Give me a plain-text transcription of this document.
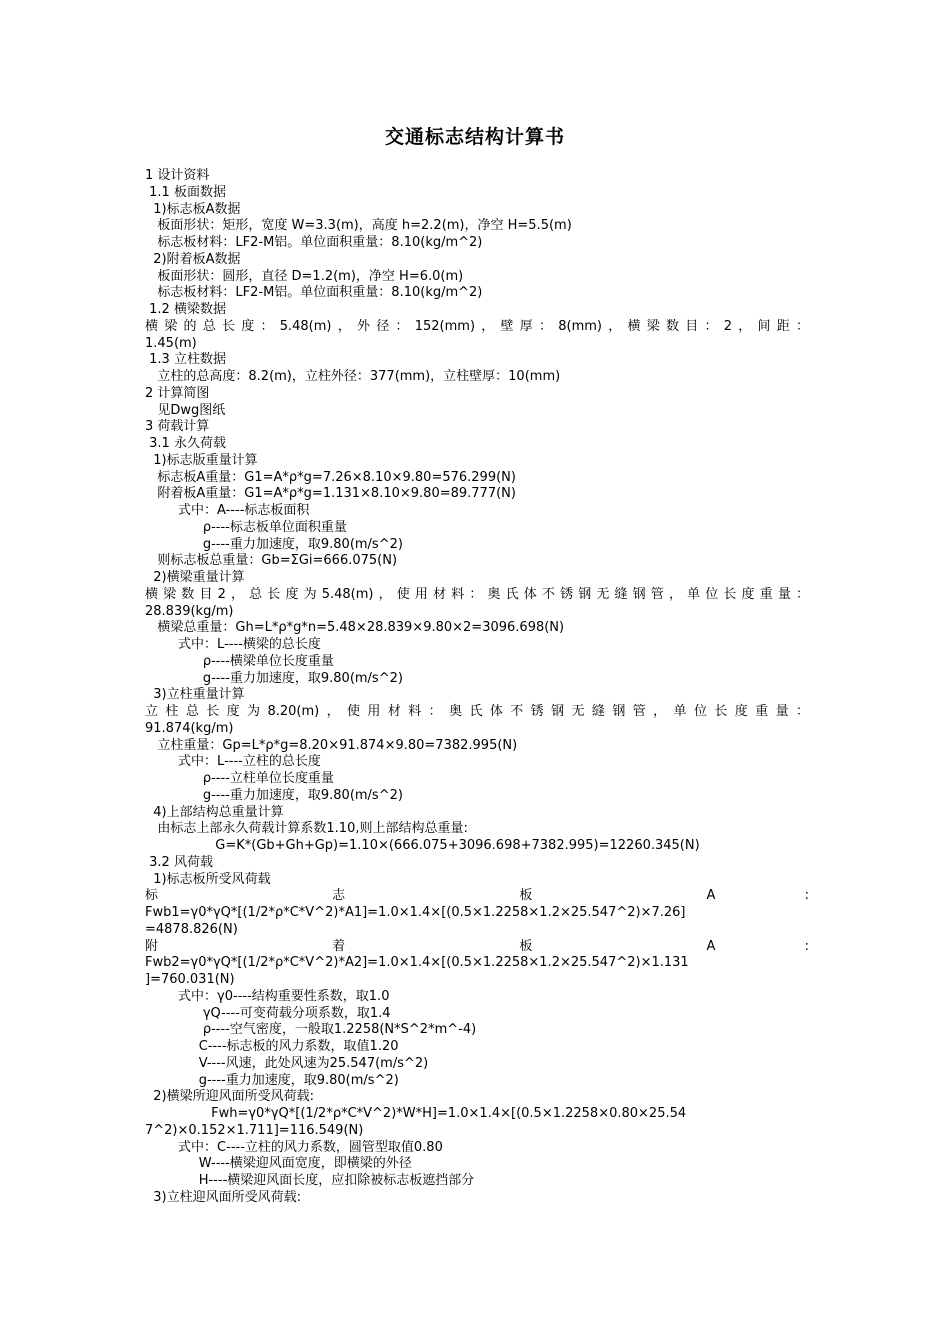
交通标志结构计算书
1 设计资料
1.1 板面数据
1)标志板A数据
板面形状：矩形，宽度 W=3.3(m)，高度 h=2.2(m)，净空 H=5.5(m)
标志板材料：LF2-M铝。单位面积重量：8.10(kg/m^2)
2)附着板A数据
板面形状：圆形，直径 D=1.2(m)，净空 H=6.0(m)
标志板材料：LF2-M铝。单位面积重量：8.10(kg/m^2)
1.2 横梁数据
横梁的总长度：5.48(m)，外径：152(mm)，壁厚：8(mm)，横梁数目：2，间距：
1.45(m)
1.3 立柱数据
立柱的总高度：8.2(m)，立柱外径：377(mm)，立柱壁厚：10(mm)
2 计算简图
见Dwg图纸
3 荷载计算
3.1 永久荷载
1)标志版重量计算
标志板A重量：G1=A*ρ*g=7.26×8.10×9.80=576.299(N)
附着板A重量：G1=A*ρ*g=1.131×8.10×9.80=89.777(N)
式中：A----标志板面积
ρ----标志板单位面积重量
g----重力加速度，取9.80(m/s^2)
则标志板总重量：Gb=ΣGi=666.075(N)
2)横梁重量计算
横梁数目2，总长度为5.48(m)，使用材料：奥氏体不锈钢无缝钢管，单位长度重量：
28.839(kg/m)
横梁总重量：Gh=L*ρ*g*n=5.48×28.839×9.80×2=3096.698(N)
式中：L----横梁的总长度
ρ----横梁单位长度重量
g----重力加速度，取9.80(m/s^2)
3)立柱重量计算
立柱总长度为8.20(m)，使用材料：奥氏体不锈钢无缝钢管，单位长度重量：
91.874(kg/m)
立柱重量：Gp=L*ρ*g=8.20×91.874×9.80=7382.995(N)
式中：L----立柱的总长度
ρ----立柱单位长度重量
g----重力加速度，取9.80(m/s^2)
4)上部结构总重量计算
由标志上部永久荷载计算系数1.10,则上部结构总重量:
G=K*(Gb+Gh+Gp)=1.10×(666.075+3096.698+7382.995)=12260.345(N)
3.2 风荷载
1)标志板所受风荷载
标 志 板 A :
Fwb1=γ0*γQ*[(1/2*ρ*C*V^2)*A1]=1.0×1.4×[(0.5×1.2258×1.2×25.547^2)×7.26]
=4878.826(N)
附 着 板 A :
Fwb2=γ0*γQ*[(1/2*ρ*C*V^2)*A2]=1.0×1.4×[(0.5×1.2258×1.2×25.547^2)×1.131
]=760.031(N)
式中：γ0----结构重要性系数，取1.0
γQ----可变荷载分项系数，取1.4
ρ----空气密度，一般取1.2258(N*S^2*m^-4)
C----标志板的风力系数，取值1.20
V----风速，此处风速为25.547(m/s^2)
g----重力加速度，取9.80(m/s^2)
2)横梁所迎风面所受风荷载:
Fwh=γ0*γQ*[(1/2*ρ*C*V^2)*W*H]=1.0×1.4×[(0.5×1.2258×0.80×25.54
7^2)×0.152×1.711]=116.549(N)
式中：C----立柱的风力系数，圆管型取值0.80
W----横梁迎风面宽度，即横梁的外径
H----横梁迎风面长度，应扣除被标志板遮挡部分
3)立柱迎风面所受风荷载:
